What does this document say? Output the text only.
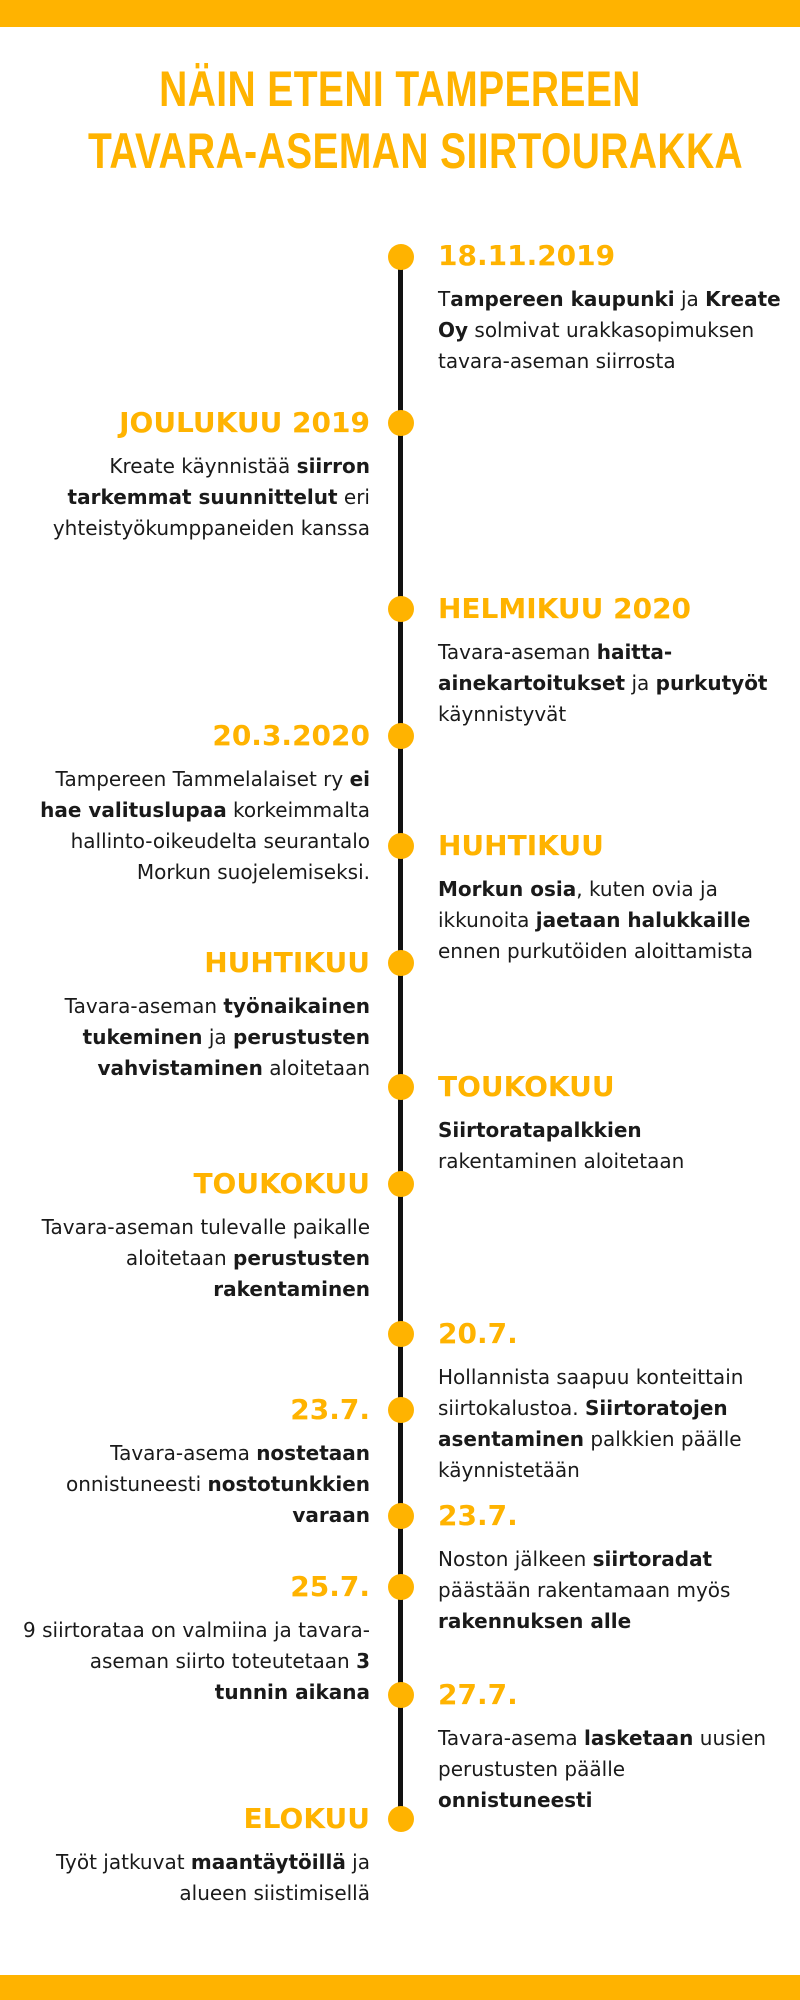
NÄIN ETENI TAMPEREEN
TAVARA-ASEMAN SIIRTOURAKKA
18.11.2019
Tampereen kaupunki ja Kreate Oy solmivat urakkasopimuksen tavara-aseman siirrosta
JOULUKUU 2019
Kreate käynnistää siirron tarkemmat suunnittelut eri yhteistyökumppaneiden kanssa
HELMIKUU 2020
Tavara-aseman haitta-ainekartoitukset ja purkutyöt käynnistyvät
20.3.2020
Tampereen Tammelalaiset ry ei hae valituslupaa korkeimmalta hallinto-oikeudelta seurantalo Morkun suojelemiseksi.
HUHTIKUU
Morkun osia, kuten ovia ja ikkunoita jaetaan halukkaille ennen purkutöiden aloittamista
HUHTIKUU
Tavara-aseman työnaikainen tukeminen ja perustusten vahvistaminen aloitetaan
TOUKOKUU
Siirtoratapalkkien rakentaminen aloitetaan
TOUKOKUU
Tavara-aseman tulevalle paikalle aloitetaan perustusten rakentaminen
20.7.
Hollannista saapuu konteittain siirtokalustoa. Siirtoratojen asentaminen palkkien päälle käynnistetään
23.7.
Tavara-asema nostetaan onnistuneesti nostotunkkien varaan 23.7.
Noston jälkeen siirtoradat päästään rakentamaan myös rakennuksen alle
25.7.
9 siirtorataa on valmiina ja tavara-aseman siirto toteutetaan 3 tunnin aikana 27.7.
Tavara-asema lasketaan uusien perustusten päälle onnistuneesti
ELOKUU
Työt jatkuvat maantäytöillä ja alueen siistimisellä
